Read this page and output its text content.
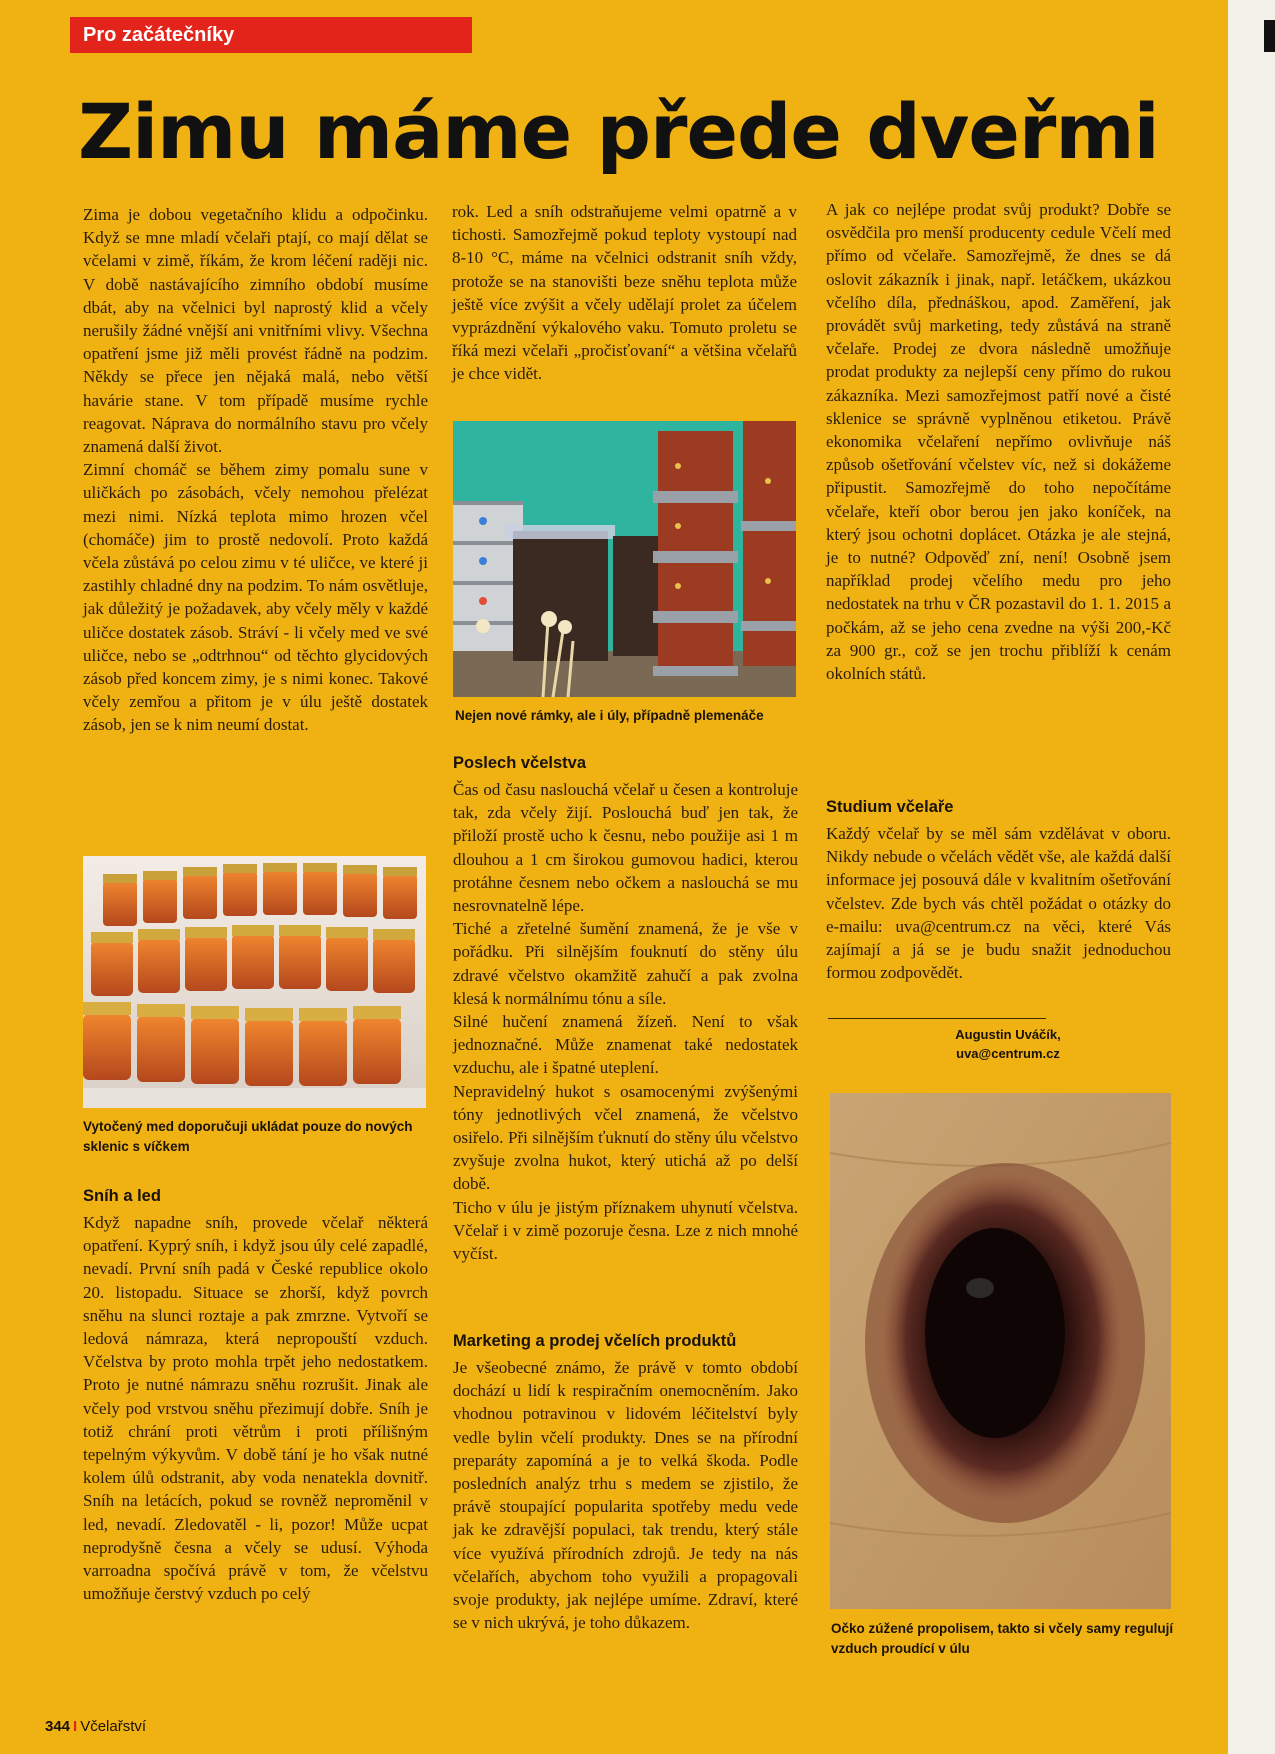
Pro začátečníky
Zimu máme přede dveřmi

Zima je dobou vegetačního klidu a odpočinku. Když se mne mladí včelaři ptají, co mají dělat se včelami v zimě, říkám, že krom léčení raději nic. V době nastávajícího zimního období musíme dbát, aby na včelnici byl naprostý klid a včely nerušily žádné vnější ani vnitřními vlivy. Všechna opatření jsme již měli provést řádně na podzim. Někdy se přece jen nějaká malá, nebo větší havárie stane. V tom případě musíme rychle reagovat. Náprava do normálního stavu pro včely znamená další život.

Zimní chomáč se během zimy pomalu sune v uličkách po zásobách, včely nemohou přelézat mezi nimi. Nízká teplota mimo hrozen včel (chomáče) jim to prostě nedovolí. Proto každá včela zůstává po celou zimu v té uličce, ve které ji zastihly chladné dny na podzim. To nám osvětluje, jak důležitý je požadavek, aby včely měly v každé uličce dostatek zásob. Stráví - li včely med ve své uličce, nebo se „odtrhnou“ od těchto glycidových zásob před koncem zimy, je s nimi konec. Takové včely zemřou a přitom je v úlu ještě dostatek zásob, jen se k nim neumí dostat.

Vytočený med doporučuji ukládat pouze do nových sklenic s víčkem

Sníh a led

Když napadne sníh, provede včelař některá opatření. Kyprý sníh, i když jsou úly celé zapadlé, nevadí. První sníh padá v České republice okolo 20. listopadu. Situace se zhorší, když povrch sněhu na slunci roztaje a pak zmrzne. Vytvoří se ledová námraza, která nepropouští vzduch. Včelstva by proto mohla trpět jeho nedostatkem. Proto je nutné námrazu sněhu rozrušit. Jinak ale včely pod vrstvou sněhu přezimují dobře. Sníh je totiž chrání proti větrům i proti přílišným tepelným výkyvům. V době tání je ho však nutné kolem úlů odstranit, aby voda nenatekla dovnitř. Sníh na letácích, pokud se rovněž neproměnil v led, nevadí. Zledovatěl - li, pozor! Může ucpat neprodyšně česna a včely se udusí. Výhoda varroadna spočívá právě v tom, že včelstvu umožňuje čerstvý vzduch po celý

rok. Led a sníh odstraňujeme velmi opatrně a v tichosti. Samozřejmě pokud teploty vystoupí nad 8-10 °C, máme na včelnici odstranit sníh vždy, protože se na stanovišti beze sněhu teplota může ještě více zvýšit a včely udělají prolet za účelem vyprázdnění výkalového vaku. Tomuto proletu se říká mezi včelaři „pročisťovaní“ a většina včelařů je chce vidět.

Nejen nové rámky, ale i úly, případně plemenáče

Poslech včelstva

Čas od času naslouchá včelař u česen a kontroluje tak, zda včely žijí. Poslouchá buď jen tak, že přiloží prostě ucho k česnu, nebo použije asi 1 m dlouhou a 1 cm širokou gumovou hadici, kterou protáhne česnem nebo očkem a naslouchá se mu nesrovnatelně lépe.

Tiché a zřetelné šumění znamená, že je vše v pořádku. Při silnějším fouknutí do stěny úlu zdravé včelstvo okamžitě zahučí a pak zvolna klesá k normálnímu tónu a síle.

Silné hučení znamená žízeň. Není to však jednoznačné. Může znamenat také nedostatek vzduchu, ale i špatné uteplení.

Nepravidelný hukot s osamocenými zvýšenými tóny jednotlivých včel znamená, že včelstvo osiřelo. Při silnějším ťuknutí do stěny úlu včelstvo zvyšuje zvolna hukot, který utichá až po delší době.

Ticho v úlu je jistým příznakem uhynutí včelstva. Včelař i v zimě pozoruje česna. Lze z nich mnohé vyčíst.

Marketing a prodej včelích produktů

Je všeobecné známo, že právě v tomto období dochází u lidí k respiračním onemocněním. Jako vhodnou potravinou v lidovém léčitelství byly vedle bylin včelí produkty. Dnes se na přírodní preparáty zapomíná a je to velká škoda. Podle posledních analýz trhu s medem se zjistilo, že právě stoupající popularita spotřeby medu vede jak ke zdravější populaci, tak trendu, který stále více využívá přírodních zdrojů. Je tedy na nás včelařích, abychom toho využili a propagovali svoje produkty, jak nejlépe umíme. Zdraví, které se v nich ukrývá, je toho důkazem.

A jak co nejlépe prodat svůj produkt? Dobře se osvědčila pro menší producenty cedule Včelí med přímo od včelaře. Samozřejmě, že dnes se dá oslovit zákazník i jinak, např. letáčkem, ukázkou včelího díla, přednáškou, apod. Zaměření, jak provádět svůj marketing, tedy zůstává na straně včelaře. Prodej ze dvora následně umožňuje prodat produkty za nejlepší ceny přímo do rukou zákazníka. Mezi samozřejmost patří nové a čisté sklenice se správně vyplněnou etiketou. Právě ekonomika včelaření nepřímo ovlivňuje náš způsob ošetřování včelstev víc, než si dokážeme připustit. Samozřejmě do toho nepočítáme včelaře, kteří obor berou jen jako koníček, na který jsou ochotni doplácet. Otázka je ale stejná, je to nutné? Odpověď zní, není! Osobně jsem například prodej včelího medu pro jeho nedostatek na trhu v ČR pozastavil do 1. 1. 2015 a počkám, až se jeho cena zvedne na výši 200,-Kč za 900 gr., což se jen trochu přiblíží k cenám okolních států.

Studium včelaře

Každý včelař by se měl sám vzdělávat v oboru. Nikdy nebude o včelách vědět vše, ale každá další informace jej posouvá dále v kvalitním ošetřování včelstev. Zde bych vás chtěl požádat o otázky do e-mailu: uva@centrum.cz na věci, které Vás zajímají a já se je budu snažit jednoduchou formou zodpovědět.

Augustin Uváčík,
uva@centrum.cz

Očko zúžené propolisem, takto si včely samy regulují vzduch proudící v úlu

344 I Včelařství
